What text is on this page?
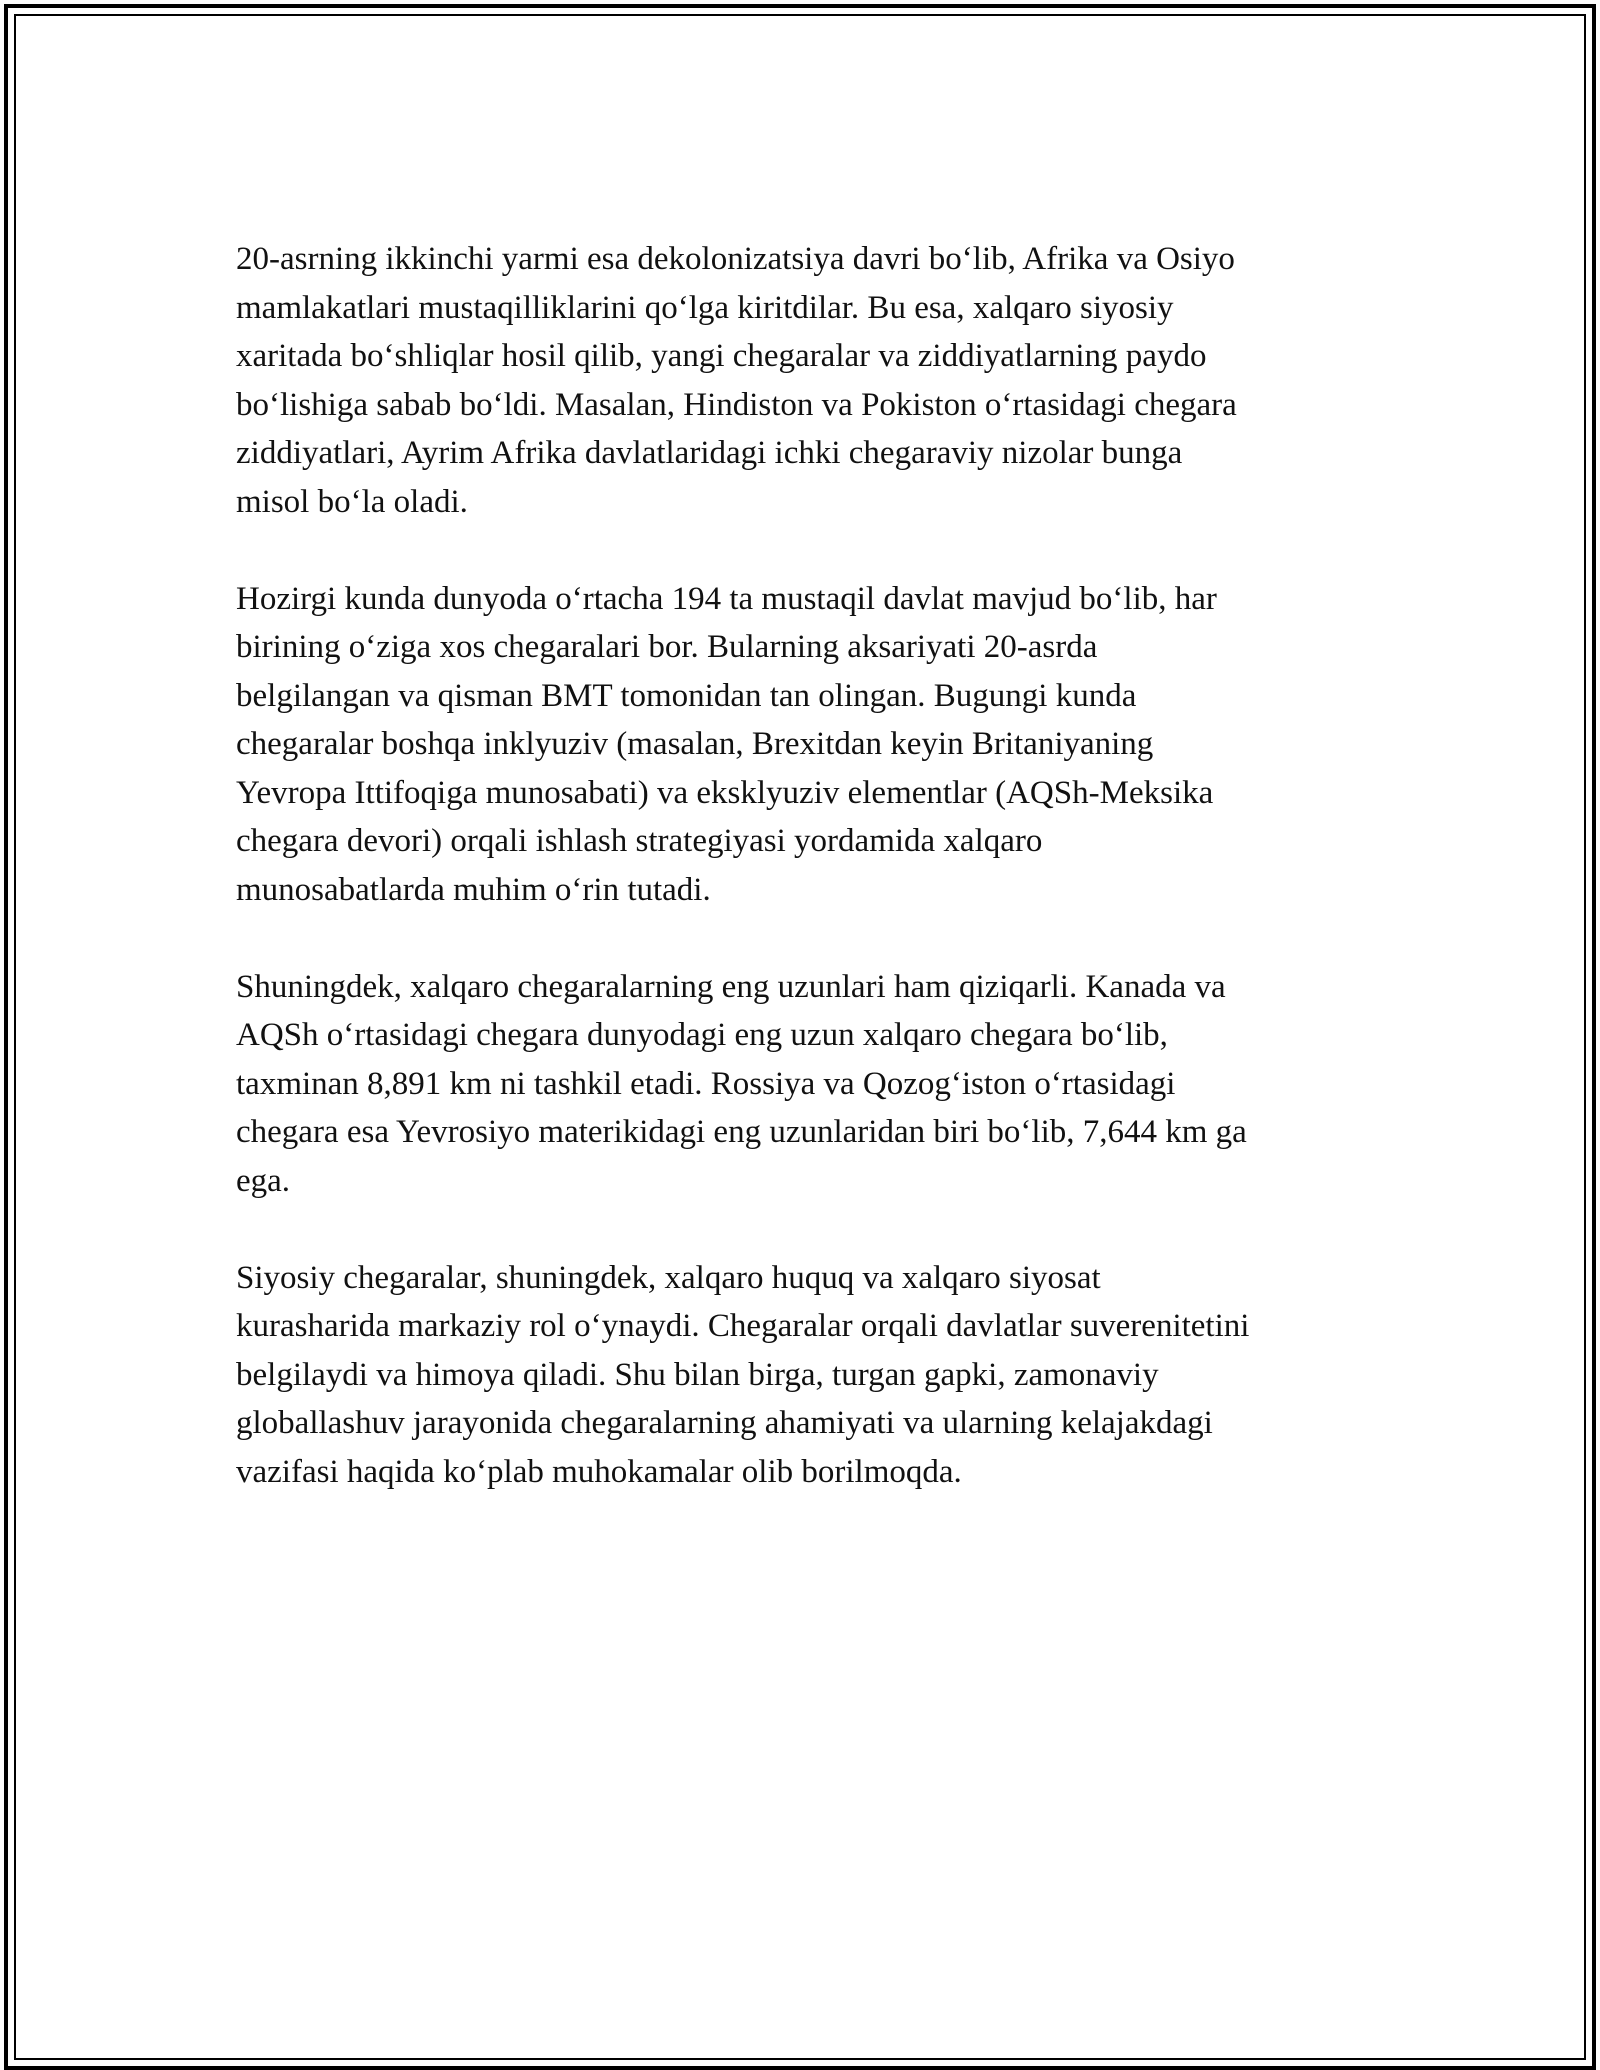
20-asrning ikkinchi yarmi esa dekolonizatsiya davri bo‘lib, Afrika va Osiyo
mamlakatlari mustaqilliklarini qo‘lga kiritdilar. Bu esa, xalqaro siyosiy
xaritada bo‘shliqlar hosil qilib, yangi chegaralar va ziddiyatlarning paydo
bo‘lishiga sabab bo‘ldi. Masalan, Hindiston va Pokiston o‘rtasidagi chegara
ziddiyatlari, Ayrim Afrika davlatlaridagi ichki chegaraviy nizolar bunga
misol bo‘la oladi.

Hozirgi kunda dunyoda o‘rtacha 194 ta mustaqil davlat mavjud bo‘lib, har
birining o‘ziga xos chegaralari bor. Bularning aksariyati 20-asrda
belgilangan va qisman BMT tomonidan tan olingan. Bugungi kunda
chegaralar boshqa inklyuziv (masalan, Brexitdan keyin Britaniyaning
Yevropa Ittifoqiga munosabati) va eksklyuziv elementlar (AQSh-Meksika
chegara devori) orqali ishlash strategiyasi yordamida xalqaro
munosabatlarda muhim o‘rin tutadi.

Shuningdek, xalqaro chegaralarning eng uzunlari ham qiziqarli. Kanada va
AQSh o‘rtasidagi chegara dunyodagi eng uzun xalqaro chegara bo‘lib,
taxminan 8,891 km ni tashkil etadi. Rossiya va Qozog‘iston o‘rtasidagi
chegara esa Yevrosiyo materikidagi eng uzunlaridan biri bo‘lib, 7,644 km ga
ega.

Siyosiy chegaralar, shuningdek, xalqaro huquq va xalqaro siyosat
kurasharida markaziy rol o‘ynaydi. Chegaralar orqali davlatlar suverenitetini
belgilaydi va himoya qiladi. Shu bilan birga, turgan gapki, zamonaviy
globallashuv jarayonida chegaralarning ahamiyati va ularning kelajakdagi
vazifasi haqida ko‘plab muhokamalar olib borilmoqda.
